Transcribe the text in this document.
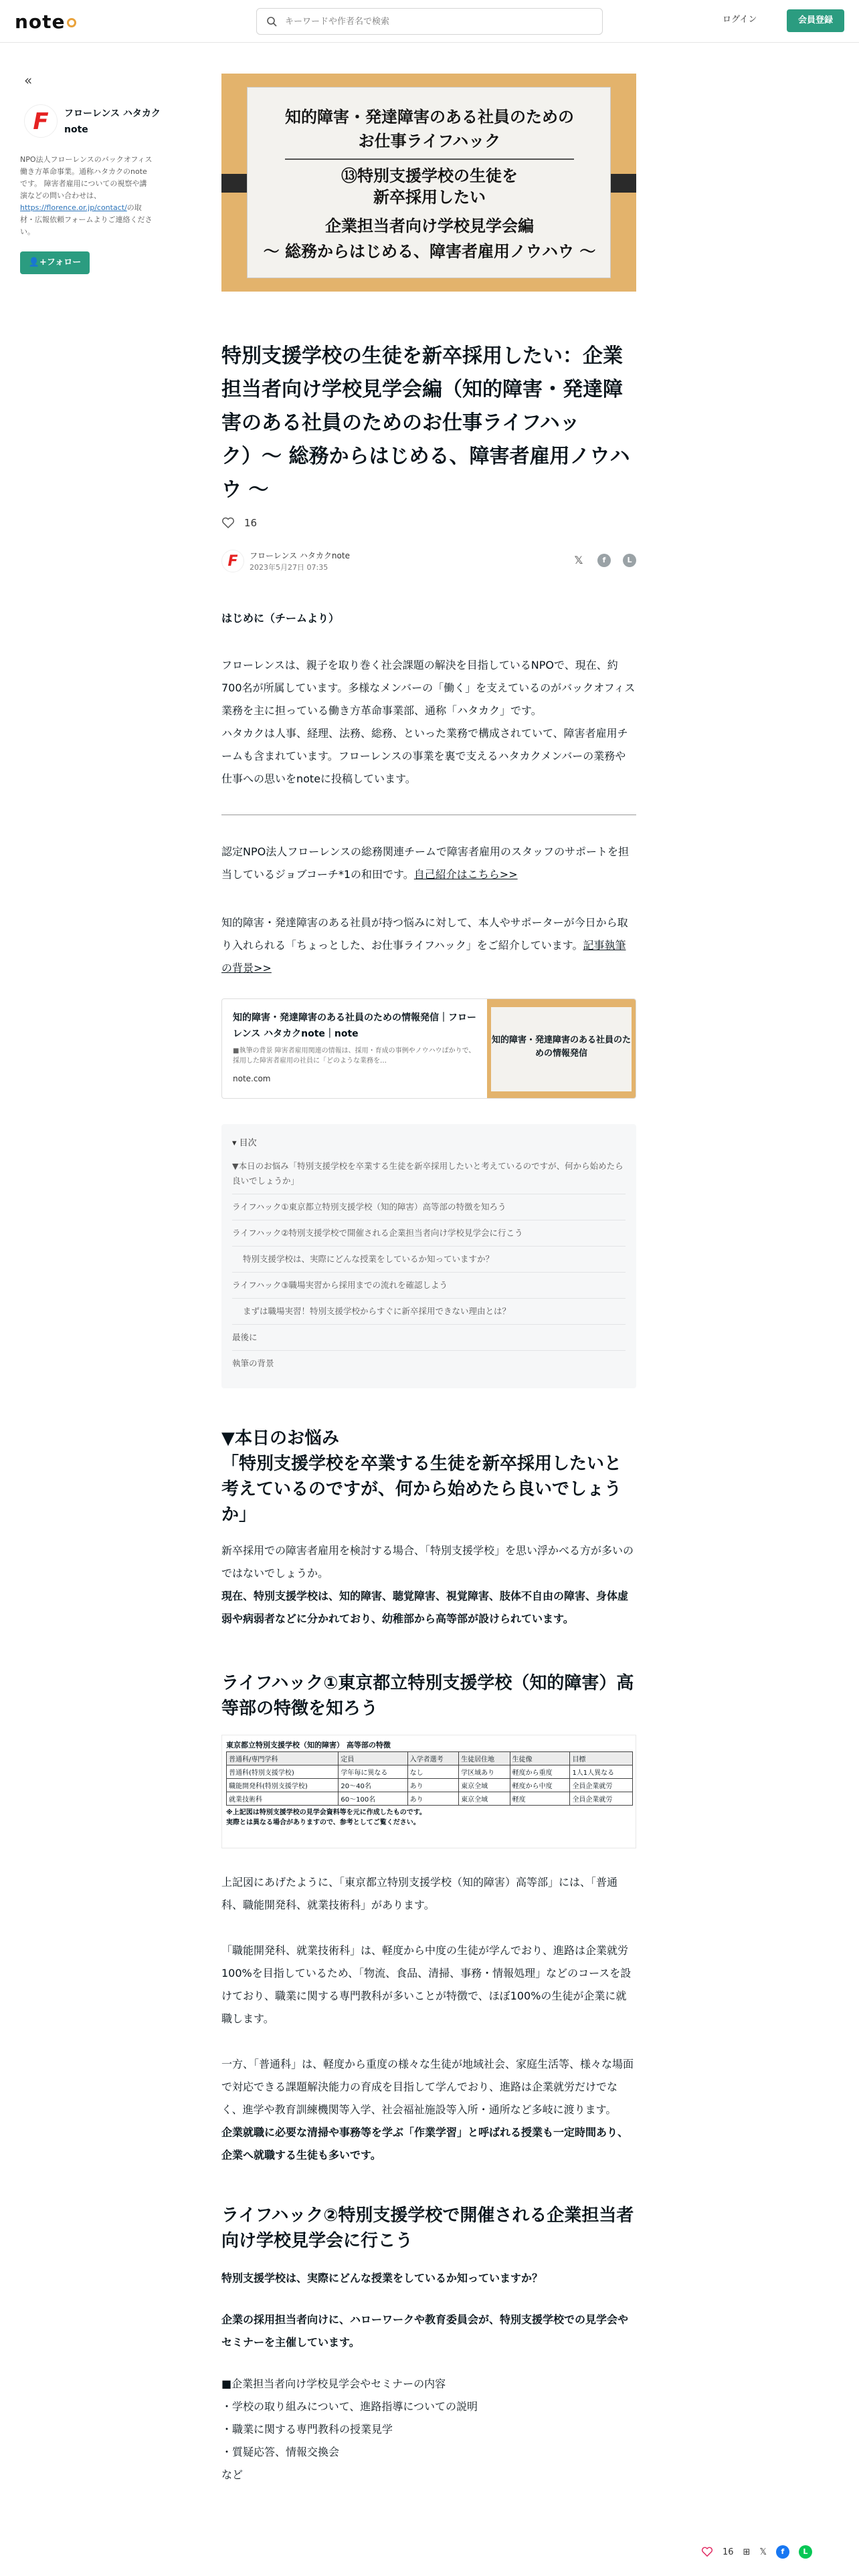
note
キーワードや作者名で検索	ログイン	会員登録
«
F	フローレンス ハタカクnote
NPO法人フローレンスのバックオフィス働き方革命事業。通称ハタカクのnoteです。 障害者雇用についての視察や講演などの問い合わせは、https://florence.or.jp/contact/の取材・広報依頼フォームよりご連絡ください。
👤+フォロー
知的障害・発達障害のある社員のための
お仕事ライフハック
⑬特別支援学校の生徒を
新卒採用したい
企業担当者向け学校見学会編
〜 総務からはじめる、障害者雇用ノウハウ 〜
特別支援学校の生徒を新卒採用したい：企業担当者向け学校見学会編（知的障害・発達障害のある社員のためのお仕事ライフハック）〜 総務からはじめる、障害者雇用ノウハウ 〜
16
F	フローレンス ハタカクnote
2023年5月27日 07:35
𝕏	f	L

はじめに（チームより）

フローレンスは、親子を取り巻く社会課題の解決を目指しているNPOで、現在、約700名が所属しています。多様なメンバーの「働く」を支えているのがバックオフィス業務を主に担っている働き方革命事業部、通称「ハタカク」です。

ハタカクは人事、経理、法務、総務、といった業務で構成されていて、障害者雇用チームも含まれています。フローレンスの事業を裏で支えるハタカクメンバーの業務や仕事への思いをnoteに投稿しています。

認定NPO法人フローレンスの総務関連チームで障害者雇用のスタッフのサポートを担当しているジョブコーチ*1の和田です。自己紹介はこちら>>

知的障害・発達障害のある社員が持つ悩みに対して、本人やサポーターが今日から取り入れられる「ちょっとした、お仕事ライフハック」をご紹介しています。記事執筆の背景>>

知的障害・発達障害のある社員のための情報発信｜フローレンス ハタカクnote｜note
■執筆の背景 障害者雇用関連の情報は、採用・育成の事例やノウハウばかりで、採用した障害者雇用の社員に「どのような業務を…
note.com
知的障害・発達障害のある社員のための情報発信
▾ 目次
▼本日のお悩み「特別支援学校を卒業する生徒を新卒採用したいと考えているのですが、何から始めたら良いでしょうか」
ライフハック①東京都立特別支援学校（知的障害）高等部の特徴を知ろう
ライフハック②特別支援学校で開催される企業担当者向け学校見学会に行こう
特別支援学校は、実際にどんな授業をしているか知っていますか？
ライフハック③職場実習から採用までの流れを確認しよう
まずは職場実習！特別支援学校からすぐに新卒採用できない理由とは？
最後に
執筆の背景
▼本日のお悩み
「特別支援学校を卒業する生徒を新卒採用したいと考えているのですが、何から始めたら良いでしょうか」

新卒採用での障害者雇用を検討する場合、「特別支援学校」を思い浮かべる方が多いのではないでしょうか。

現在、特別支援学校は、知的障害、聴覚障害、視覚障害、肢体不自由の障害、身体虚弱や病弱者などに分かれており、幼稚部から高等部が設けられています。

ライフハック①東京都立特別支援学校（知的障害）高等部の特徴を知ろう
東京都立特別支援学校（知的障害） 高等部の特徴
普通科/専門学科	定員	入学者選考	生徒居住地	生徒像	目標
普通科(特別支援学校)	学年毎に異なる	なし	学区域あり	軽度から重度	1人1人異なる
職能開発科(特別支援学校)	20〜40名	あり	東京全域	軽度から中度	全員企業就労
就業技術科	60〜100名	あり	東京全域	軽度	全員企業就労
※上記図は特別支援学校の見学会資料等を元に作成したものです。
実際とは異なる場合がありますので、参考としてご覧ください。

上記図にあげたように、「東京都立特別支援学校（知的障害）高等部」には、「普通科、職能開発科、就業技術科」があります。

「職能開発科、就業技術科」は、軽度から中度の生徒が学んでおり、進路は企業就労100%を目指しているため、「物流、食品、清掃、事務・情報処理」などのコースを設けており、職業に関する専門教科が多いことが特徴で、ほぼ100%の生徒が企業に就職します。

一方、「普通科」は、軽度から重度の様々な生徒が地域社会、家庭生活等、様々な場面で対応できる課題解決能力の育成を目指して学んでおり、進路は企業就労だけでなく、進学や教育訓練機関等入学、社会福祉施設等入所・通所など多岐に渡ります。

企業就職に必要な清掃や事務等を学ぶ「作業学習」と呼ばれる授業も一定時間あり、企業へ就職する生徒も多いです。

ライフハック②特別支援学校で開催される企業担当者向け学校見学会に行こう

特別支援学校は、実際にどんな授業をしているか知っていますか？

企業の採用担当者向けに、ハローワークや教育委員会が、特別支援学校での見学会やセミナーを主催しています。

■企業担当者向け学校見学会やセミナーの内容

・学校の取り組みについて、進路指導についての説明

・職業に関する専門教科の授業見学

・質疑応答、情報交換会

など

16 ⊞ 𝕏	f	L
